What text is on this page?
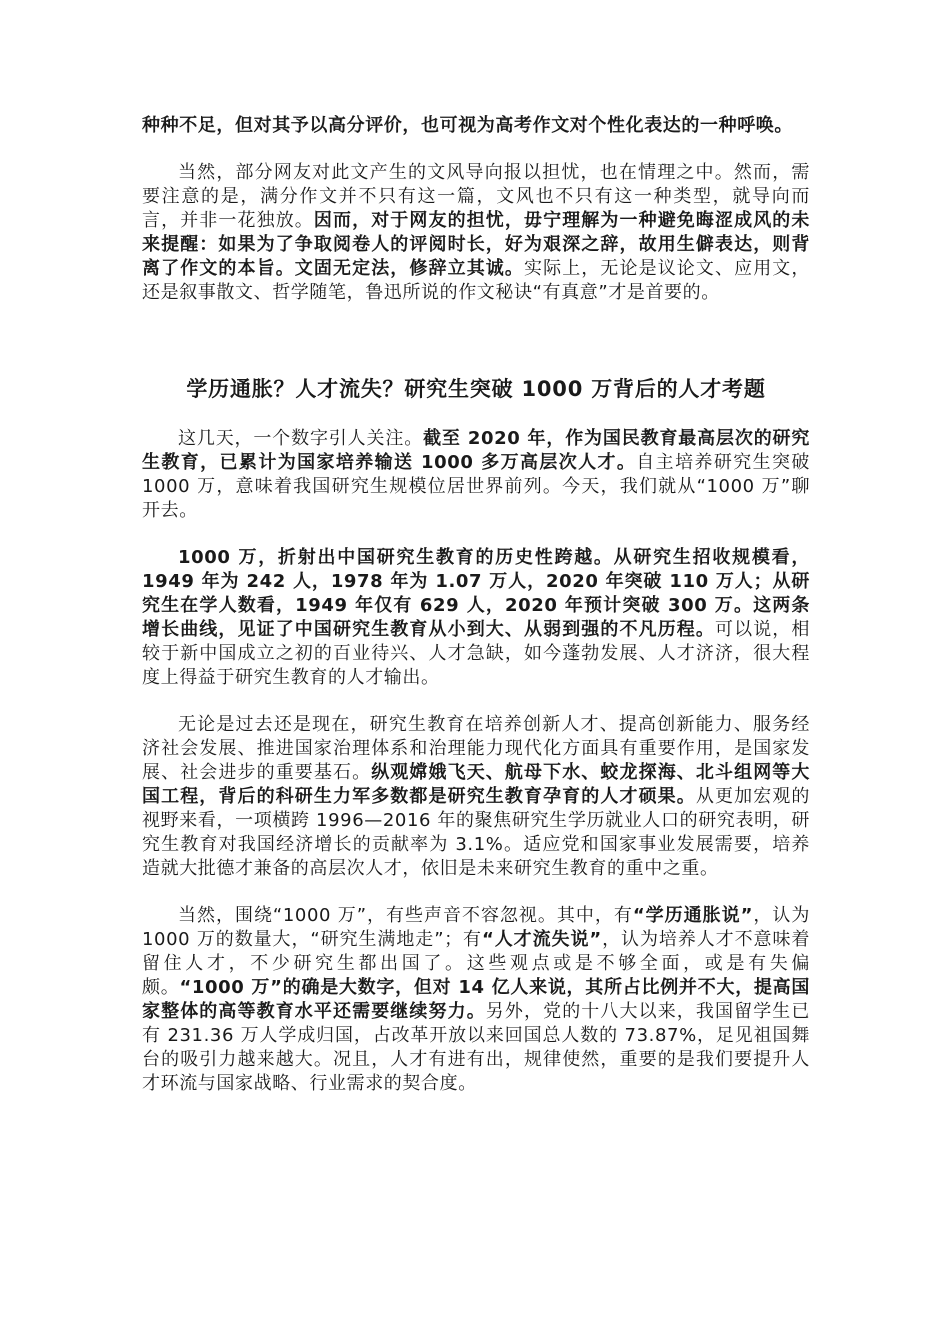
种种不足，但对其予以高分评价，也可视为高考作文对个性化表达的一种呼唤。

当然，部分网友对此文产生的文风导向报以担忧，也在情理之中。然而，需要注意的是，满分作文并不只有这一篇，文风也不只有这一种类型，就导向而言，并非一花独放。因而，对于网友的担忧，毋宁理解为一种避免晦涩成风的未来提醒：如果为了争取阅卷人的评阅时长，好为艰深之辞，故用生僻表达，则背离了作文的本旨。文固无定法，修辞立其诚。实际上，无论是议论文、应用文，还是叙事散文、哲学随笔，鲁迅所说的作文秘诀“有真意”才是首要的。

学历通胀？人才流失？研究生突破 1000 万背后的人才考题

这几天，一个数字引人关注。截至 2020 年，作为国民教育最高层次的研究生教育，已累计为国家培养输送 1000 多万高层次人才。自主培养研究生突破 1000 万，意味着我国研究生规模位居世界前列。今天，我们就从“1000 万”聊开去。

1000 万，折射出中国研究生教育的历史性跨越。从研究生招收规模看，1949 年为 242 人，1978 年为 1.07 万人，2020 年突破 110 万人；从研究生在学人数看，1949 年仅有 629 人，2020 年预计突破 300 万。这两条增长曲线，见证了中国研究生教育从小到大、从弱到强的不凡历程。可以说，相较于新中国成立之初的百业待兴、人才急缺，如今蓬勃发展、人才济济，很大程度上得益于研究生教育的人才输出。

无论是过去还是现在，研究生教育在培养创新人才、提高创新能力、服务经济社会发展、推进国家治理体系和治理能力现代化方面具有重要作用，是国家发展、社会进步的重要基石。纵观嫦娥飞天、航母下水、蛟龙探海、北斗组网等大国工程，背后的科研生力军多数都是研究生教育孕育的人才硕果。从更加宏观的视野来看，一项横跨 1996—2016 年的聚焦研究生学历就业人口的研究表明，研究生教育对我国经济增长的贡献率为 3.1%。适应党和国家事业发展需要，培养造就大批德才兼备的高层次人才，依旧是未来研究生教育的重中之重。

当然，围绕“1000 万”，有些声音不容忽视。其中，有“学历通胀说”，认为 1000 万的数量大，“研究生满地走”；有“人才流失说”，认为培养人才不意味着留住人才，不少研究生都出国了。这些观点或是不够全面，或是有失偏颇。“1000 万”的确是大数字，但对 14 亿人来说，其所占比例并不大，提高国家整体的高等教育水平还需要继续努力。另外，党的十八大以来，我国留学生已有 231.36 万人学成归国，占改革开放以来回国总人数的 73.87%，足见祖国舞台的吸引力越来越大。况且，人才有进有出，规律使然，重要的是我们要提升人才环流与国家战略、行业需求的契合度。
